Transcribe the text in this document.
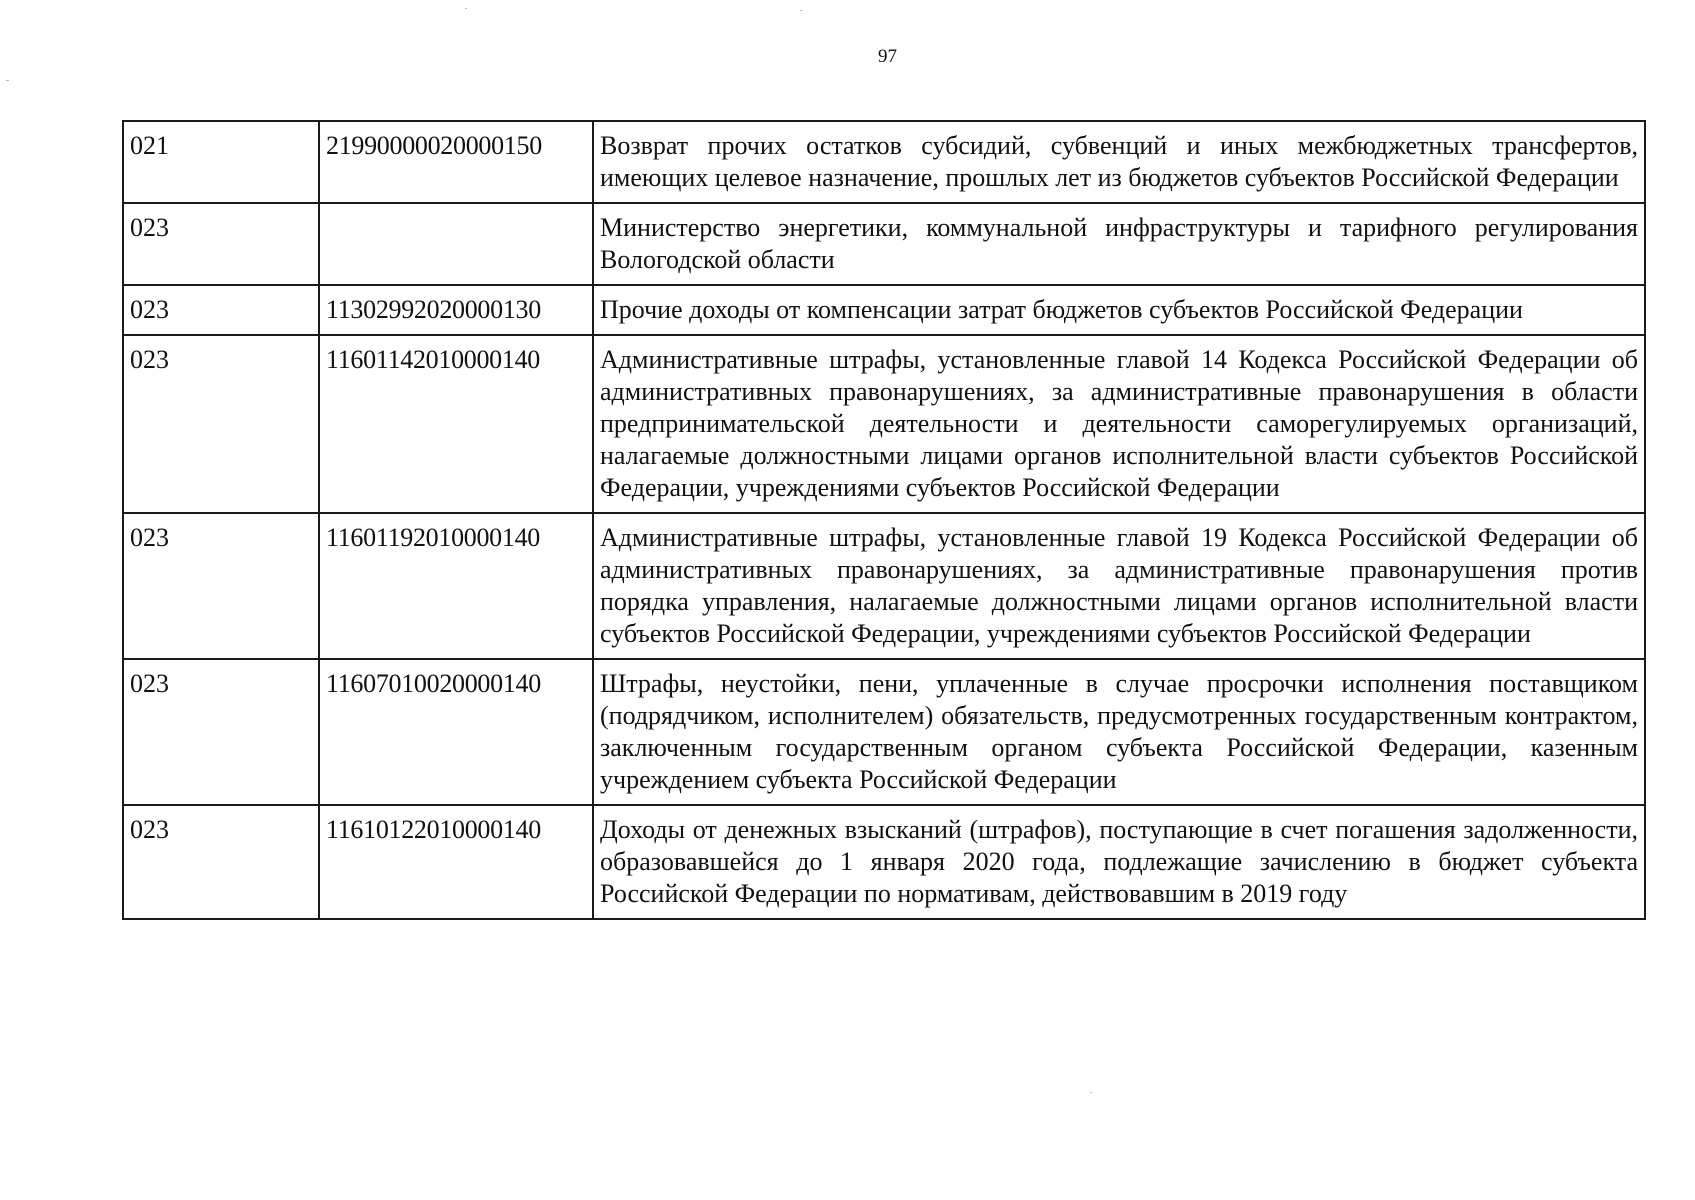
97
021	21990000020000150	Возврат прочих остатков субсидий, субвенций и иных межбюджетных трансфертов, имеющих целевое назначение, прошлых лет из бюджетов субъектов Российской Федерации
023		Министерство энергетики, коммунальной инфраструктуры и тарифного регулирования Вологодской области
023	11302992020000130	Прочие доходы от компенсации затрат бюджетов субъектов Российской Федерации
023	11601142010000140	Административные штрафы, установленные главой 14 Кодекса Российской Федерации об административных правонарушениях, за административные правонарушения в области предпринимательской деятельности и деятельности саморегулируемых организаций, налагаемые должностными лицами органов исполнительной власти субъектов Российской Федерации, учреждениями субъектов Российской Федерации
023	11601192010000140	Административные штрафы, установленные главой 19 Кодекса Российской Федерации об административных правонарушениях, за административные правонарушения против порядка управления, налагаемые должностными лицами органов исполнительной власти субъектов Российской Федерации, учреждениями субъектов Российской Федерации
023	11607010020000140	Штрафы, неустойки, пени, уплаченные в случае просрочки исполнения поставщиком (подрядчиком, исполнителем) обязательств, предусмотренных государственным контрактом, заключенным государственным органом субъекта Российской Федерации, казенным учреждением субъекта Российской Федерации
023	11610122010000140	Доходы от денежных взысканий (штрафов), поступающие в счет погашения задолженности, образовавшейся до 1 января 2020 года, подлежащие зачислению в бюджет субъекта Российской Федерации по нормативам, действовавшим в 2019 году
